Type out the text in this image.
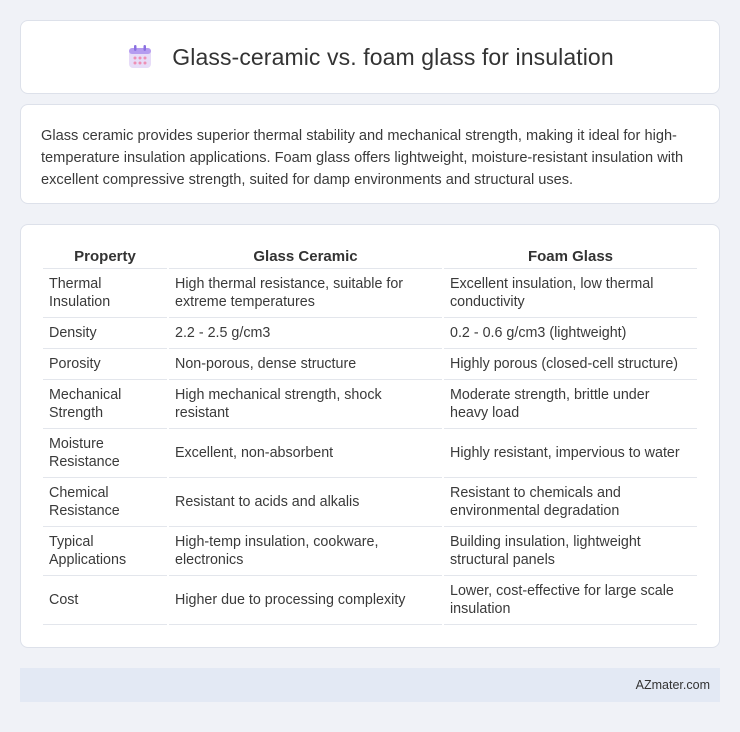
Glass-ceramic vs. foam glass for insulation

Glass ceramic provides superior thermal stability and mechanical strength, making it ideal for high-temperature insulation applications. Foam glass offers lightweight, moisture-resistant insulation with excellent compressive strength, suited for damp environments and structural uses.

Property	Glass Ceramic	Foam Glass
Thermal Insulation	High thermal resistance, suitable for extreme temperatures	Excellent insulation, low thermal conductivity
Density	2.2 - 2.5 g/cm3	0.2 - 0.6 g/cm3 (lightweight)
Porosity	Non-porous, dense structure	Highly porous (closed-cell structure)
Mechanical Strength	High mechanical strength, shock resistant	Moderate strength, brittle under heavy load
Moisture Resistance	Excellent, non-absorbent	Highly resistant, impervious to water
Chemical Resistance	Resistant to acids and alkalis	Resistant to chemicals and environmental degradation
Typical Applications	High-temp insulation, cookware, electronics	Building insulation, lightweight structural panels
Cost	Higher due to processing complexity	Lower, cost-effective for large scale insulation
AZmater.com
